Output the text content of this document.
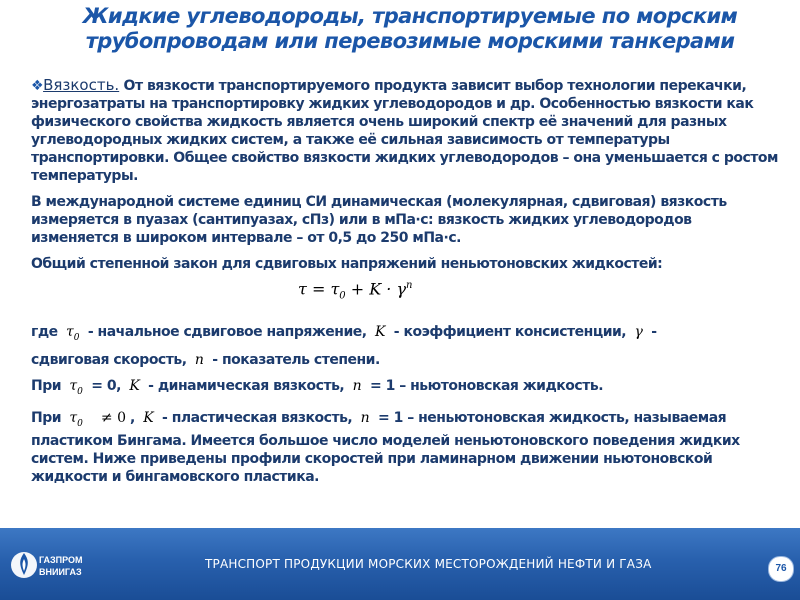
Жидкие углеводороды, транспортируемые по морским
трубопроводам или перевозимые морскими танкерами

❖Вязкость. От вязкости транспортируемого продукта зависит выбор технологии перекачки, энергозатраты на транспортировку жидких углеводородов и др. Особенностью вязкости как физического свойства жидкость является очень широкий спектр её значений для разных углеводородных жидких систем, а также её сильная зависимость от температуры транспортировки. Общее свойство вязкости жидких углеводородов – она уменьшается с ростом температуры.

В международной системе единиц СИ динамическая (молекулярная, сдвиговая) вязкость измеряется в пуазах (сантипуазах, сПз) или в мПа·с: вязкость жидких углеводородов изменяется в широком интервале – от 0,5 до 250 мПа·с.

Общий степенной закон для сдвиговых напряжений неньютоновских жидкостей:

$\tau = \tau_0 + K \cdot \gamma^n$

где $\tau_0$ - начальное сдвиговое напряжение, K - коэффициент консистенции, γ -

сдвиговая скорость, n - показатель степени.

При $\tau_0 = 0$, K - динамическая вязкость, n = 1 – ньютоновская жидкость.

При $\tau_0 \ne 0$ , K - пластическая вязкость, n = 1 – неньютоновская жидкость, называемая пластиком Бингама. Имеется большое число моделей неньютоновского поведения жидких систем. Ниже приведены профили скоростей при ламинарном движении ньютоновской жидкости и бингамовского пластика.

ТРАНСПОРТ ПРОДУКЦИИ МОРСКИХ МЕСТОРОЖДЕНИЙ НЕФТИ И ГАЗА
ГАЗПРОМ
ВНИИГАЗ	76
